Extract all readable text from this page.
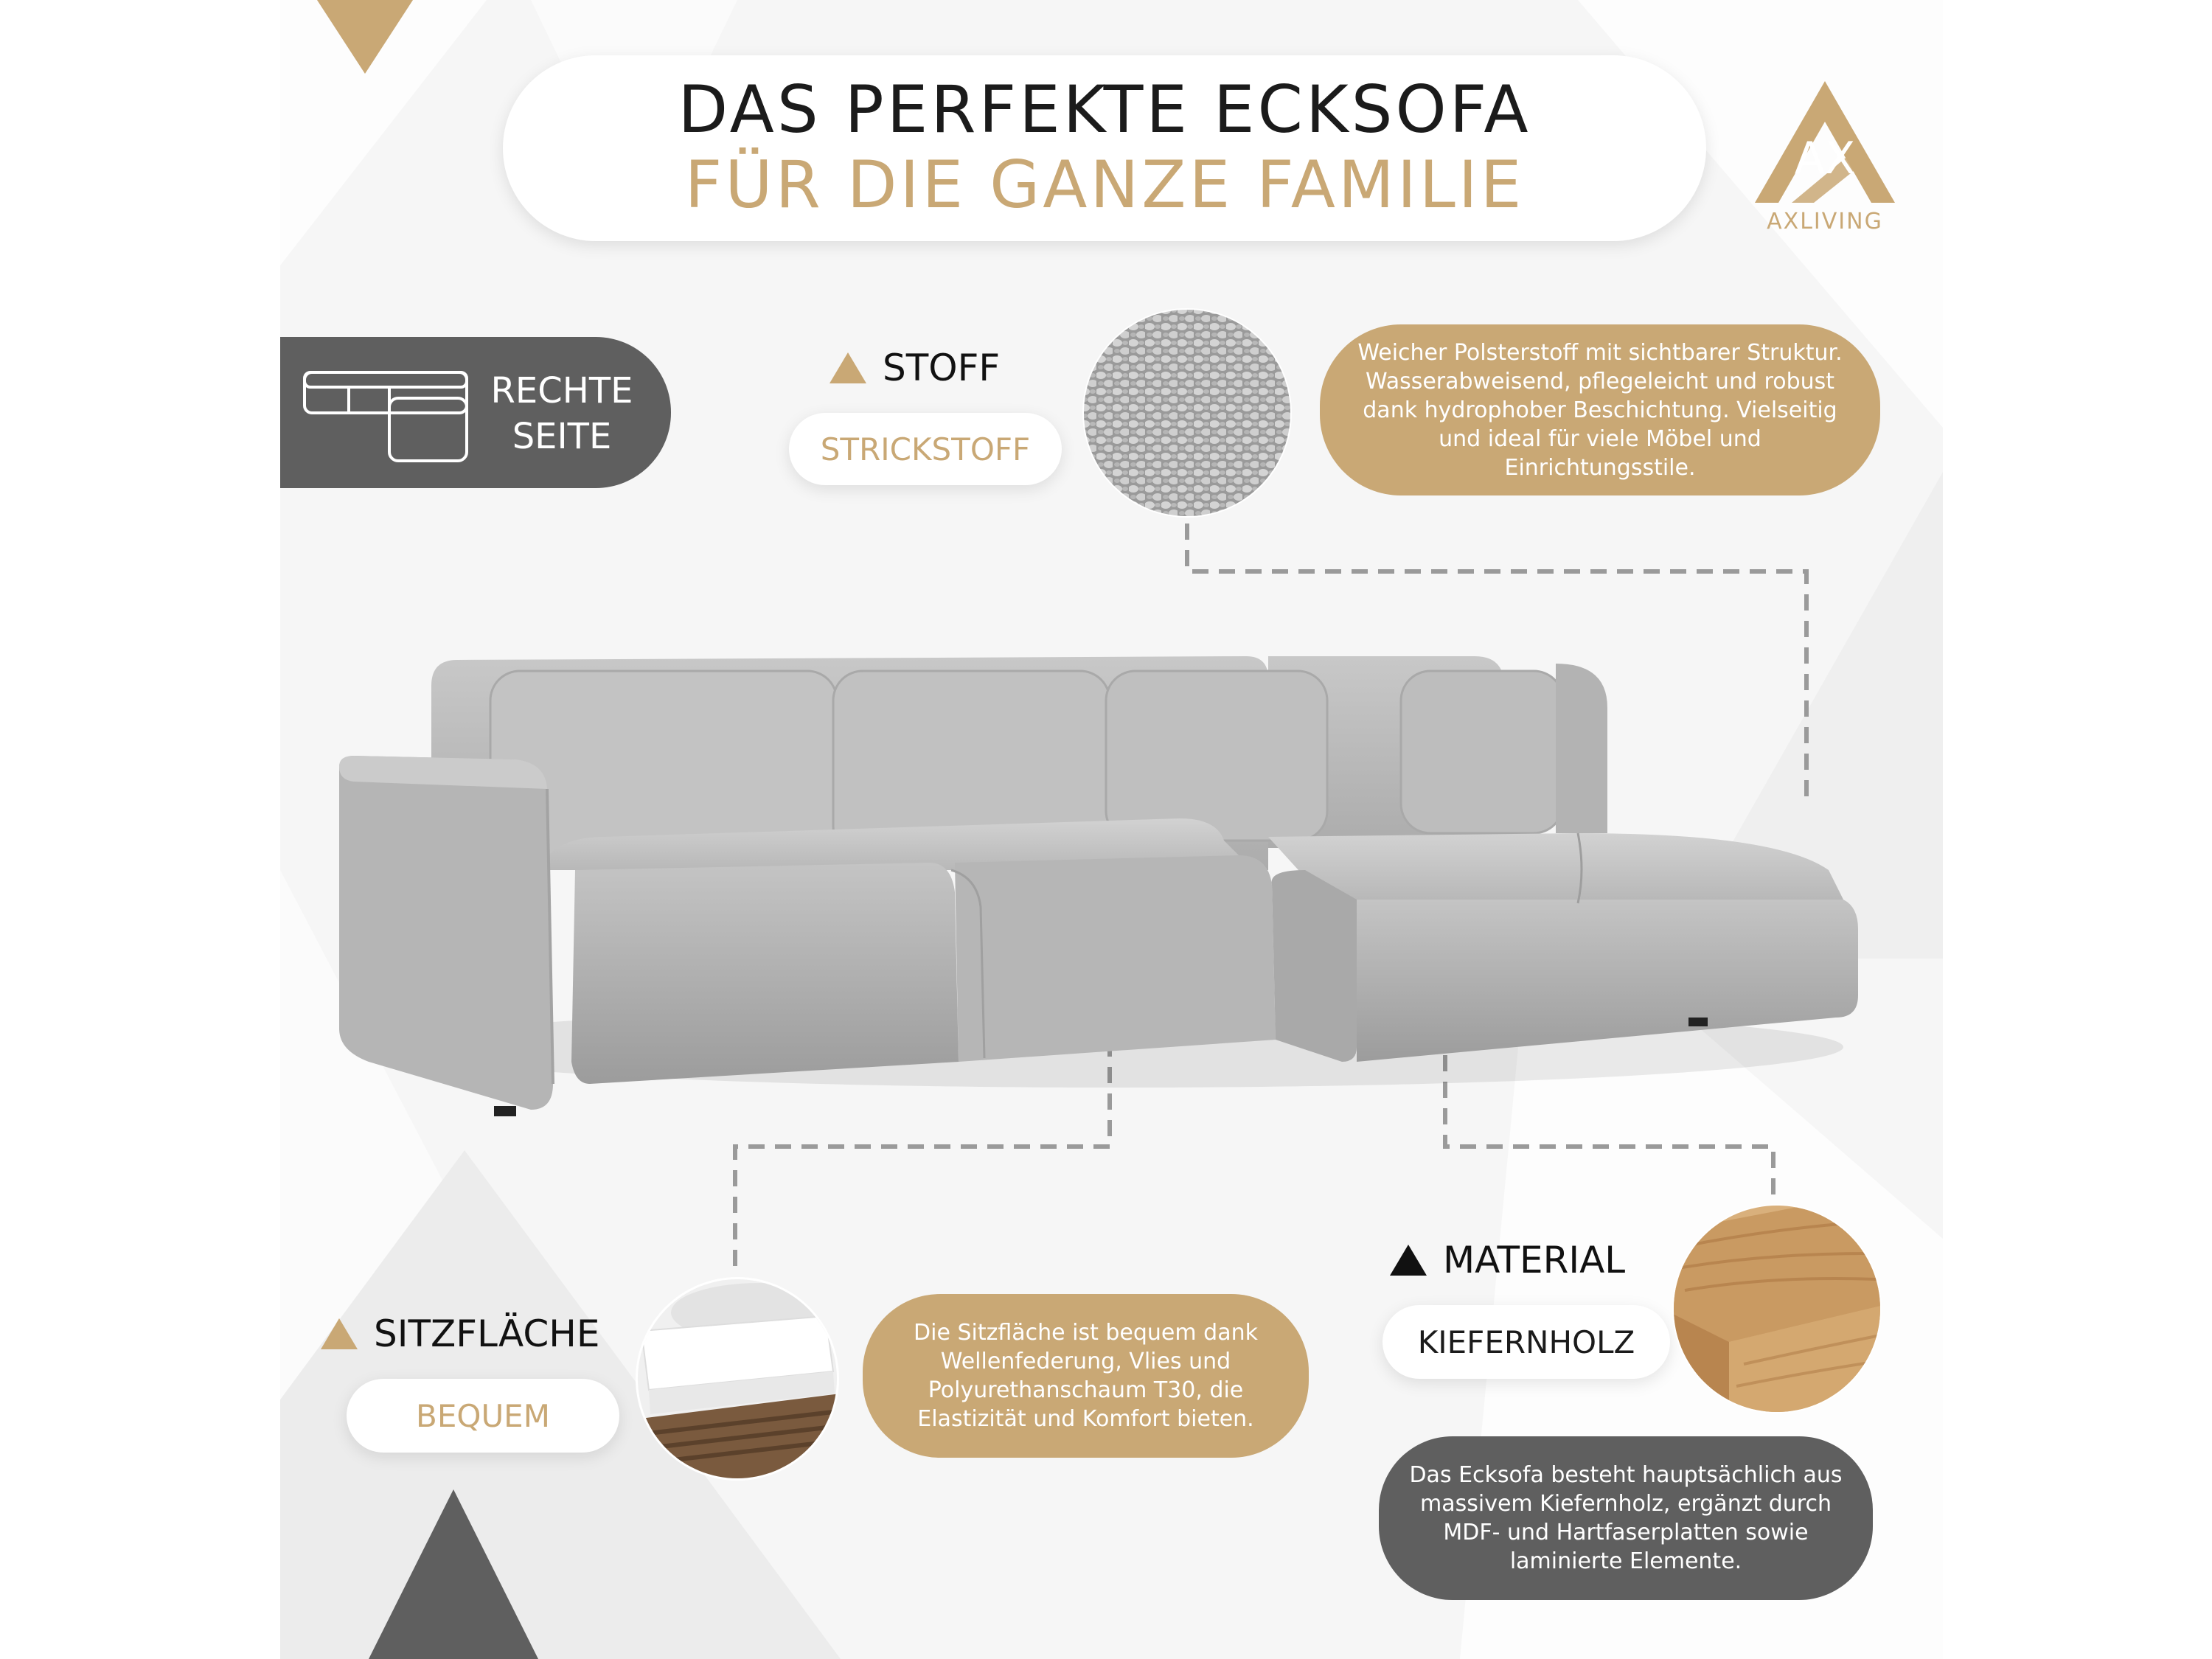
DAS PERFEKTE ECKSOFA
FÜR DIE GANZE FAMILIE	AX
AXLIVING
RECHTE
SEITE
STOFF
STRICKSTOFF
Weicher Polsterstoff mit sichtbarer Struktur. Wasserabweisend, pflegeleicht und robust dank hydrophober Beschichtung. Vielseitig und ideal für viele Möbel und Einrichtungsstile.
SITZFLÄCHE
BEQUEM
Die Sitzfläche ist bequem dank Wellenfederung, Vlies und Polyurethanschaum T30, die Elastizität und Komfort bieten.
MATERIAL
KIEFERNHOLZ
Das Ecksofa besteht hauptsächlich aus massivem Kiefernholz, ergänzt durch MDF- und Hartfaserplatten sowie laminierte Elemente.
